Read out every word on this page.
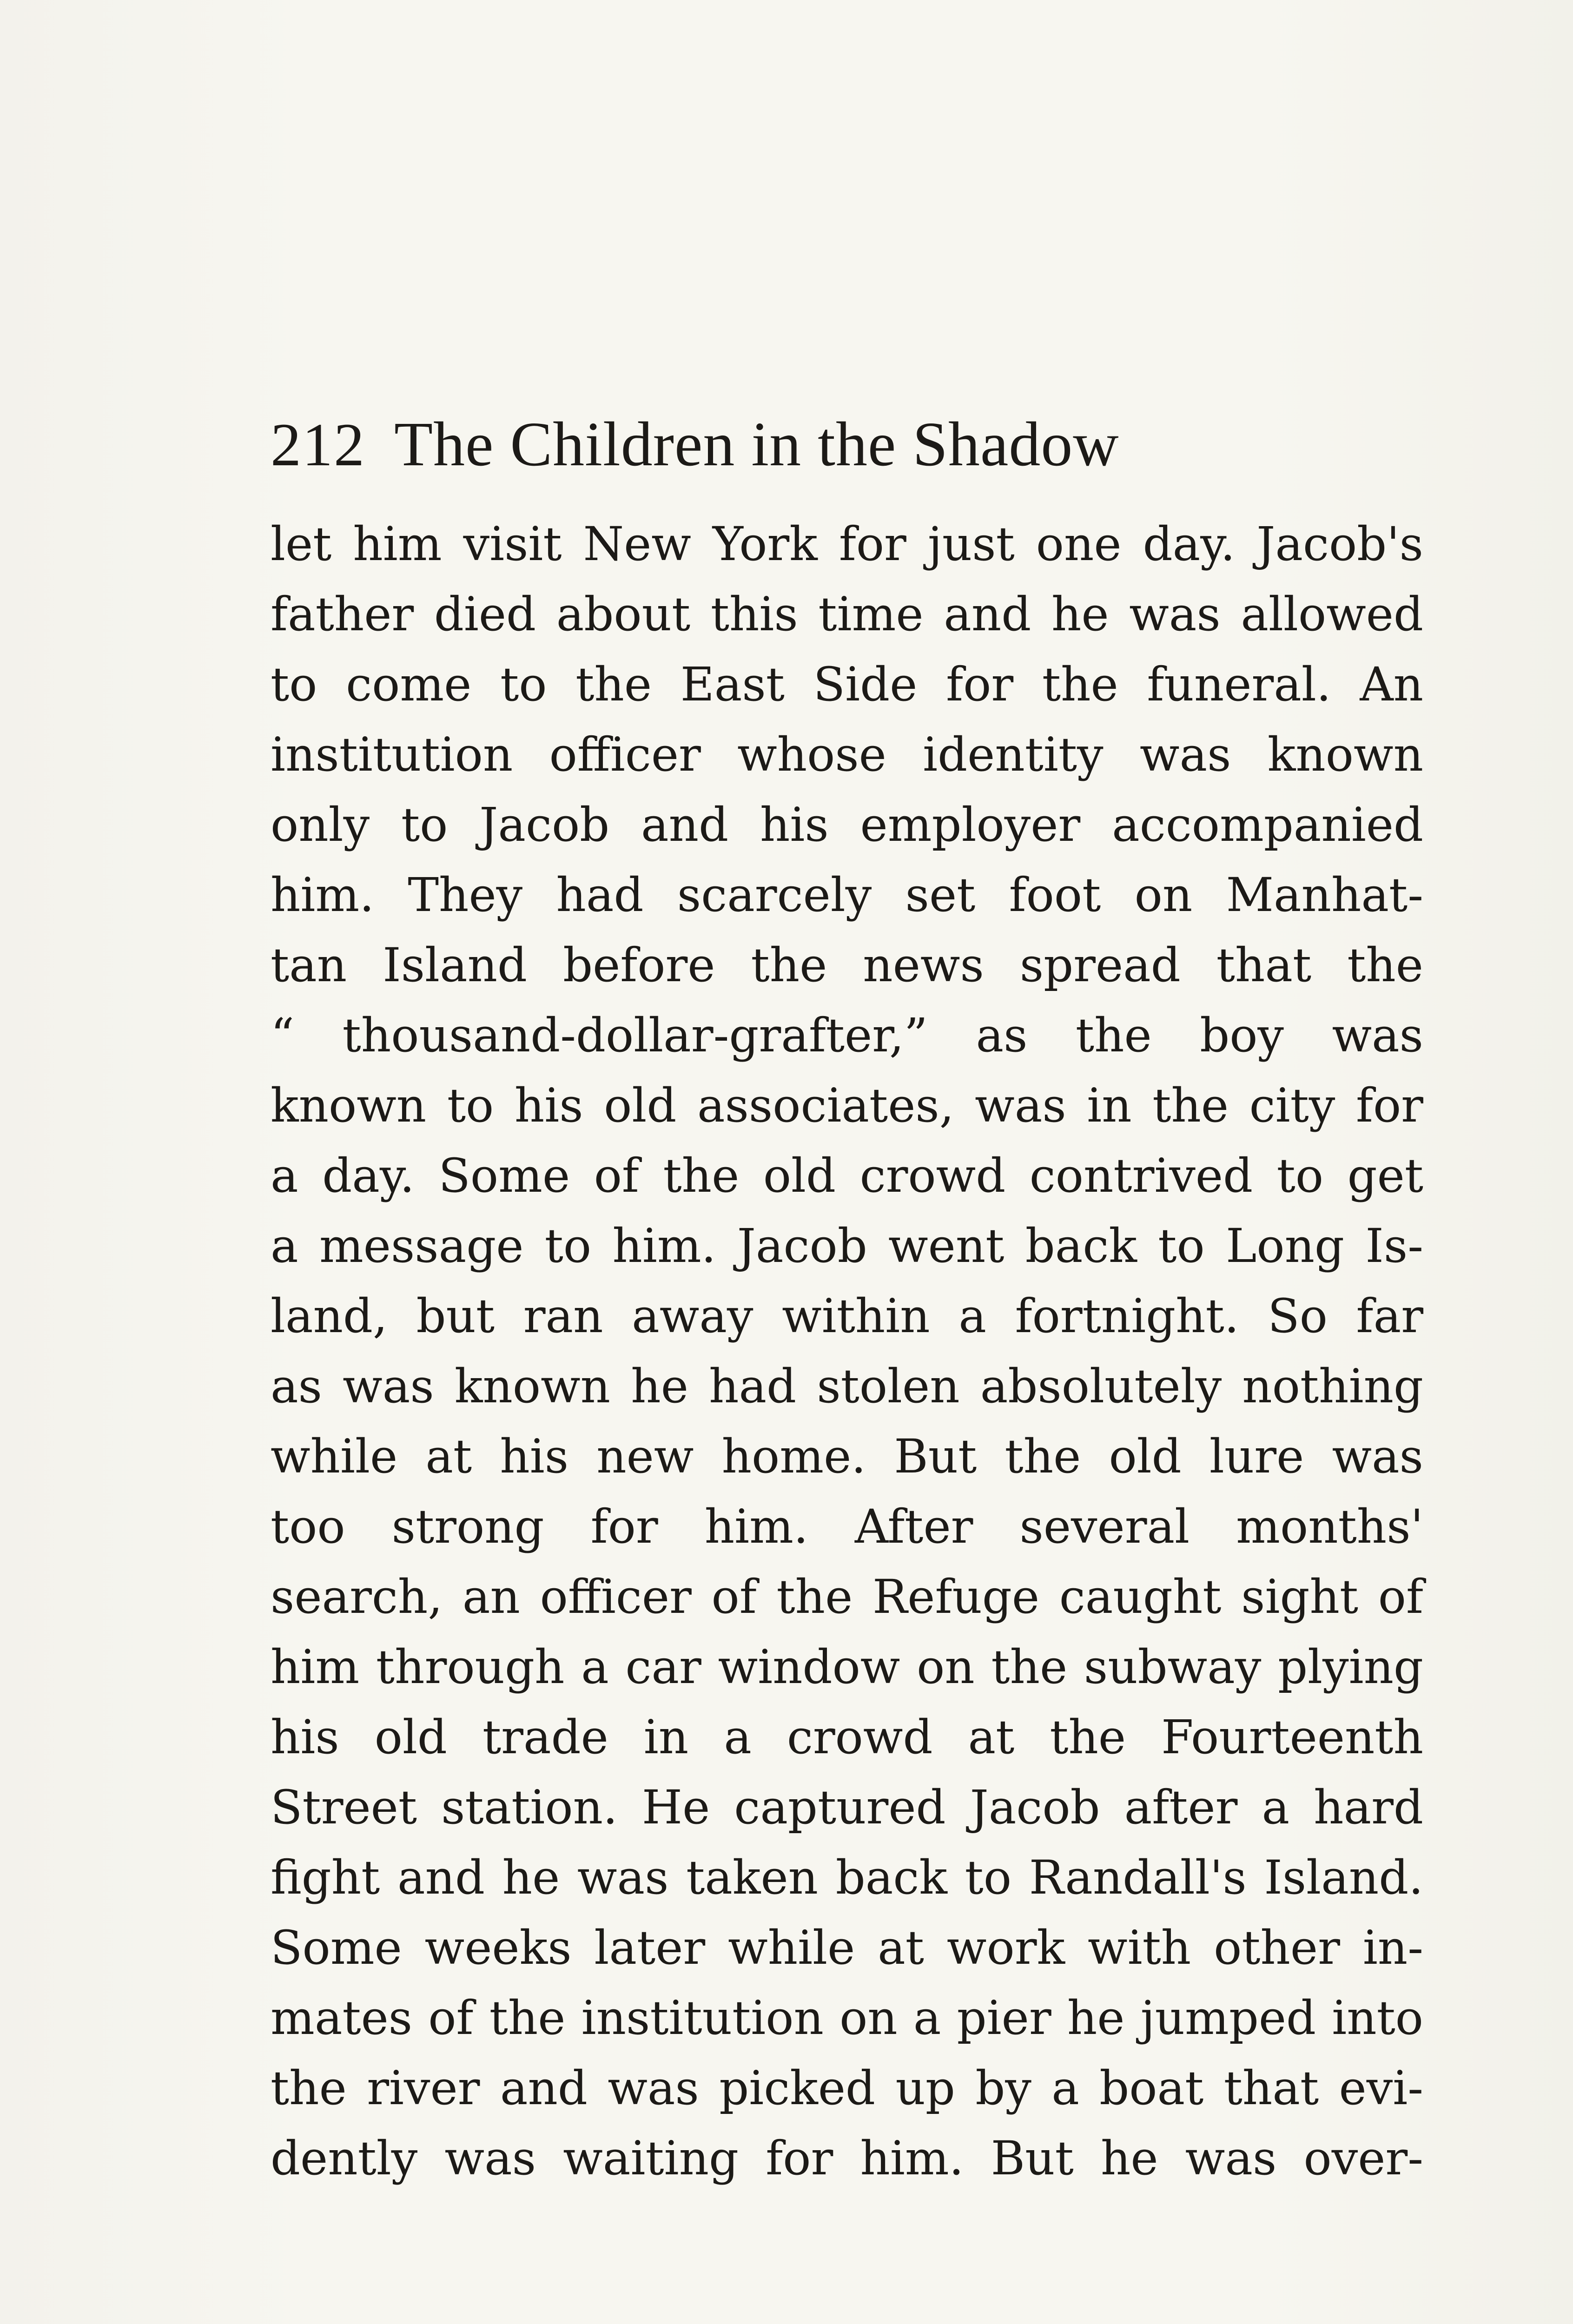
212 The Children in the Shadow
let him visit New York for just one day. Jacob's
father died about this time and he was allowed
to come to the East Side for the funeral. An
institution officer whose identity was known
only to Jacob and his employer accompanied
him. They had scarcely set foot on Manhat-
tan Island before the news spread that the
“ thousand-dollar-grafter,” as the boy was
known to his old associates, was in the city for
a day. Some of the old crowd contrived to get
a message to him. Jacob went back to Long Is-
land, but ran away within a fortnight. So far
as was known he had stolen absolutely nothing
while at his new home. But the old lure was
too strong for him. After several months'
search, an officer of the Refuge caught sight of
him through a car window on the subway plying
his old trade in a crowd at the Fourteenth
Street station. He captured Jacob after a hard
fight and he was taken back to Randall's Island.
Some weeks later while at work with other in-
mates of the institution on a pier he jumped into
the river and was picked up by a boat that evi-
dently was waiting for him. But he was over-
